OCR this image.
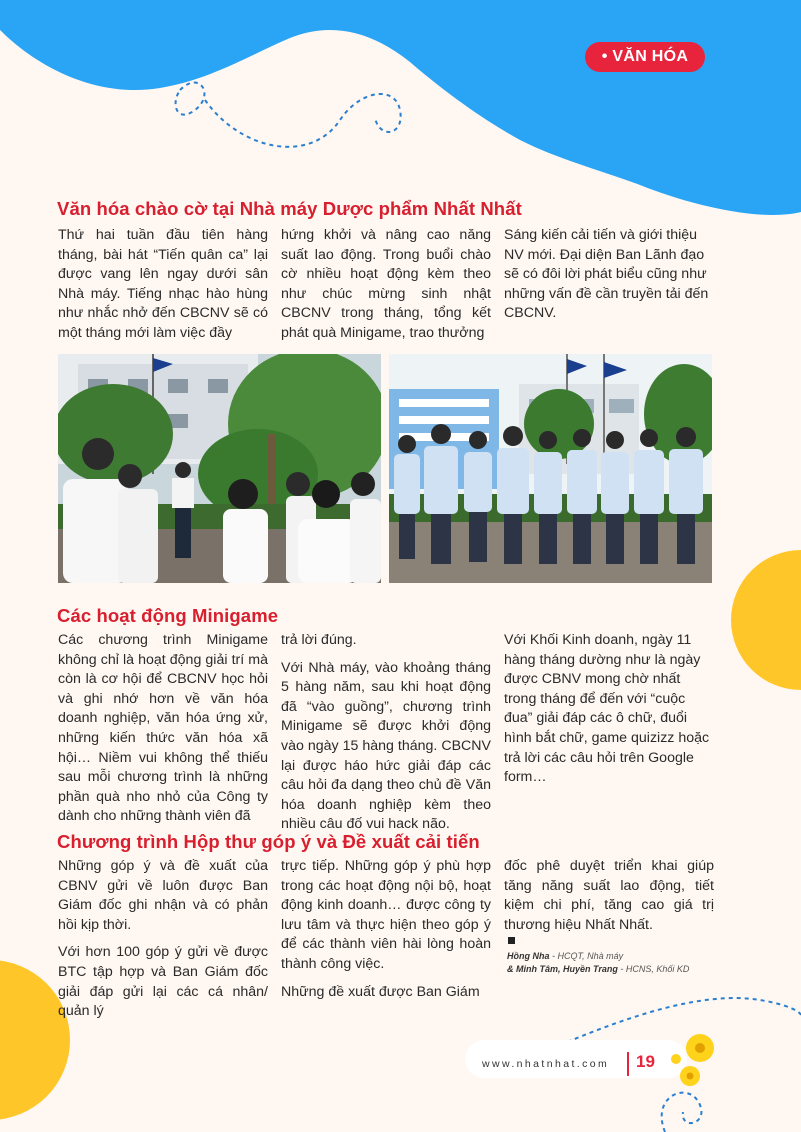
• VĂN HÓA
Văn hóa chào cờ tại Nhà máy Dược phẩm Nhất Nhất
Thứ hai tuần đầu tiên hàng tháng, bài hát “Tiến quân ca” lại được vang lên ngay dưới sân Nhà máy. Tiếng nhạc hào hùng như nhắc nhở đến CBCNV sẽ có một tháng mới làm việc đầy
hứng khởi và nâng cao năng suất lao động. Trong buổi chào cờ nhiều hoạt động kèm theo như chúc mừng sinh nhật CBCNV trong tháng, tổng kết phát quà Minigame, trao thưởng
Sáng kiến cải tiến và giới thiệu NV mới. Đại diện Ban Lãnh đạo sẽ có đôi lời phát biểu cũng như những vấn đề cần truyền tải đến CBCNV.
Các hoạt động Minigame
Các chương trình Minigame không chỉ là hoạt động giải trí mà còn là cơ hội để CBCNV học hỏi và ghi nhớ hơn về văn hóa doanh nghiệp, văn hóa ứng xử, những kiến thức văn hóa xã hội… Niềm vui không thể thiếu sau mỗi chương trình là những phần quà nho nhỏ của Công ty dành cho những thành viên đã

trả lời đúng.

Với Nhà máy, vào khoảng tháng 5 hàng năm, sau khi hoạt động đã “vào guồng”, chương trình Minigame sẽ được khởi động vào ngày 15 hàng tháng. CBCNV lại được háo hức giải đáp các câu hỏi đa dạng theo chủ đề Văn hóa doanh nghiệp kèm theo nhiều câu đố vui hack não.

Với Khối Kinh doanh, ngày 11 hàng tháng dường như là ngày được CBNV mong chờ nhất trong tháng để đến với “cuộc đua” giải đáp các ô chữ, đuổi hình bắt chữ, game quizizz hoặc trả lời các câu hỏi trên Google form…
Chương trình Hộp thư góp ý và Đề xuất cải tiến

Những góp ý và đề xuất của CBNV gửi về luôn được Ban Giám đốc ghi nhận và có phản hồi kịp thời.

Với hơn 100 góp ý gửi về được BTC tập hợp và Ban Giám đốc giải đáp gửi lại các cá nhân/ quản lý

trực tiếp. Những góp ý phù hợp trong các hoạt động nội bộ, hoạt động kinh doanh… được công ty lưu tâm và thực hiện theo góp ý để các thành viên hài lòng hoàn thành công việc.

Những đề xuất được Ban Giám

đốc phê duyệt triển khai giúp tăng năng suất lao động, tiết kiệm chi phí, tăng cao giá trị thương hiệu Nhất Nhất.
Hồng Nha - HCQT, Nhà máy
& Minh Tâm, Huyền Trang - HCNS, Khối KD
www.nhatnhat.com 19
